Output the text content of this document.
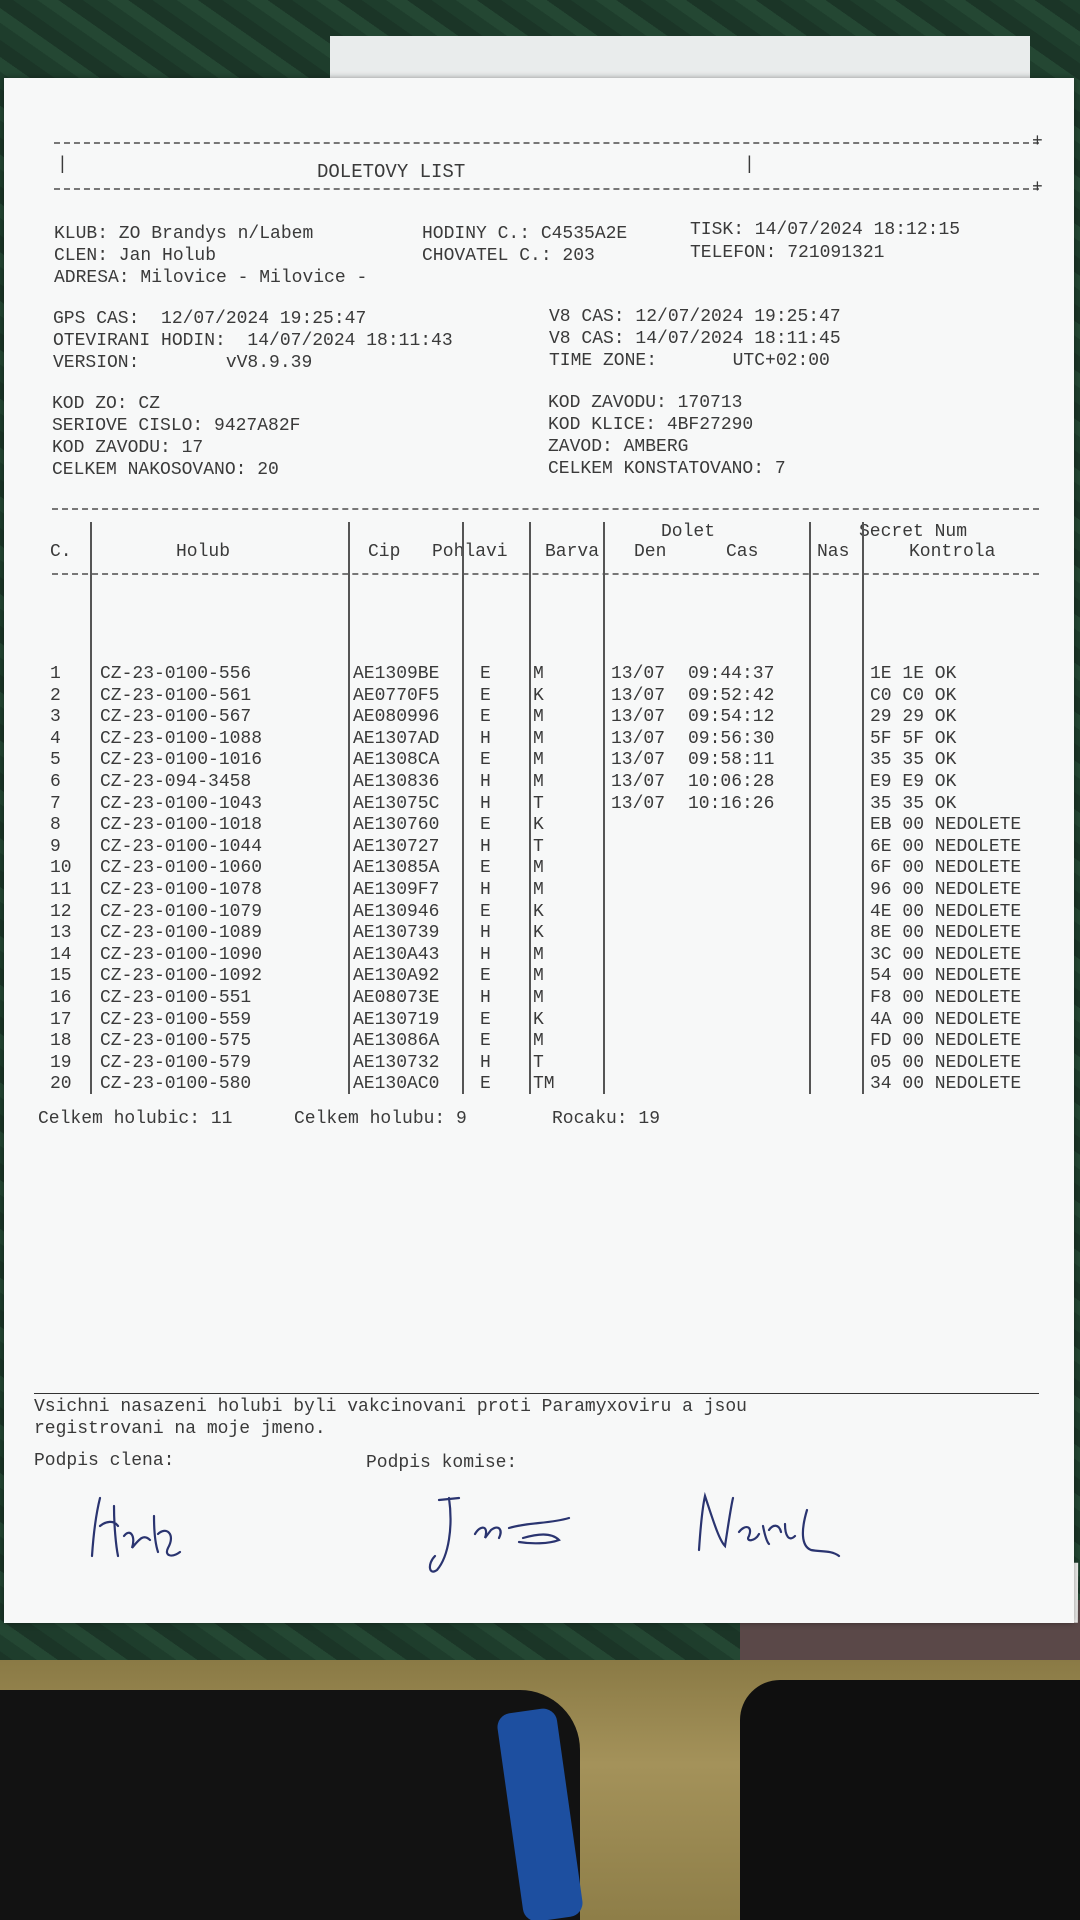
+
+
|	|
DOLETOVY LIST
KLUB: ZO Brandys n/Labem
CLEN: Jan Holub
ADRESA: Milovice - Milovice -
HODINY C.: C4535A2E
CHOVATEL C.: 203
TISK: 14/07/2024 18:12:15
TELEFON: 721091321
GPS CAS:  12/07/2024 19:25:47
OTEVIRANI HODIN:  14/07/2024 18:11:43
VERSION:        vV8.9.39
V8 CAS: 12/07/2024 19:25:47
V8 CAS: 14/07/2024 18:11:45
TIME ZONE:       UTC+02:00
KOD ZO: CZ
SERIOVE CISLO: 9427A82F
KOD ZAVODU: 17
CELKEM NAKOSOVANO: 20
KOD ZAVODU: 170713
KOD KLICE: 4BF27290
ZAVOD: AMBERG
CELKEM KONSTATOVANO: 7
C.	Holub	Cip Pohlavi Barva
Dolet
Den	Cas	Nas
Secret Num
Kontrola
1 CZ-23-0100-556	AE1309BE E M	13/07 09:44:37	1E 1E OK
2 CZ-23-0100-561	AE0770F5 E K	13/07 09:52:42	C0 C0 OK
3 CZ-23-0100-567	AE080996 E M	13/07 09:54:12	29 29 OK
4 CZ-23-0100-1088	AE1307AD H M	13/07 09:56:30	5F 5F OK
5 CZ-23-0100-1016	AE1308CA E M	13/07 09:58:11	35 35 OK
6 CZ-23-094-3458	AE130836 H M	13/07 10:06:28	E9 E9 OK
7 CZ-23-0100-1043	AE13075C H T	13/07 10:16:26	35 35 OK
8 CZ-23-0100-1018	AE130760 E K	EB 00 NEDOLETE
9 CZ-23-0100-1044	AE130727 H T	6E 00 NEDOLETE
10 CZ-23-0100-1060	AE13085A E M	6F 00 NEDOLETE
11 CZ-23-0100-1078	AE1309F7 H M	96 00 NEDOLETE
12 CZ-23-0100-1079	AE130946 E K	4E 00 NEDOLETE
13 CZ-23-0100-1089	AE130739 H K	8E 00 NEDOLETE
14 CZ-23-0100-1090	AE130A43 H M	3C 00 NEDOLETE
15 CZ-23-0100-1092	AE130A92 E M	54 00 NEDOLETE
16 CZ-23-0100-551	AE08073E H M	F8 00 NEDOLETE
17 CZ-23-0100-559	AE130719 E K	4A 00 NEDOLETE
18 CZ-23-0100-575	AE13086A E M	FD 00 NEDOLETE
19 CZ-23-0100-579	AE130732 H T	05 00 NEDOLETE
20 CZ-23-0100-580	AE130AC0 E TM	34 00 NEDOLETE
Celkem holubic: 11	Celkem holubu: 9	Rocaku: 19
Vsichni nasazeni holubi byli vakcinovani proti Paramyxoviru a jsou
registrovani na moje jmeno.
Podpis clena:	Podpis komise:
